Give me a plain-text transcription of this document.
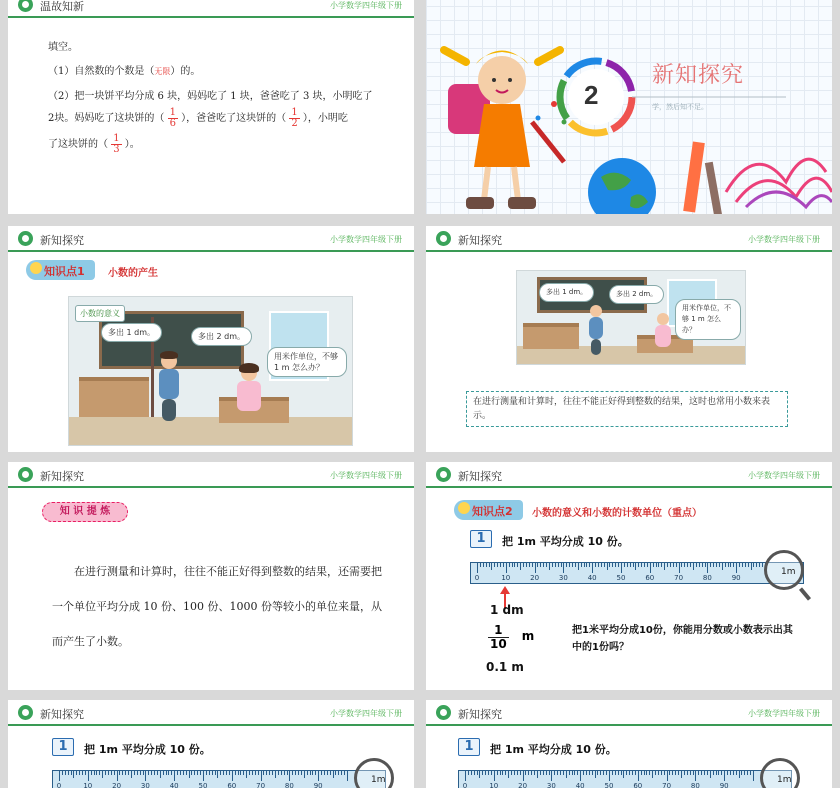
温故知新	小学数学四年级下册
填空。
（1）自然数的个数是（无限）的。
（2）把一块饼平均分成 6 块，妈妈吃了 1 块，爸爸吃了 3 块，小明吃了
2块。妈妈吃了这块饼的（ $\frac{1}{6}$ ），爸爸吃了这块饼的（ $\frac{1}{2}$ ），小明吃
了这块饼的（ $\frac{1}{3}$ ）。
2
新知探究
学，然后知不足。
新知探究	小学数学四年级下册
知识点1	小数的产生
小数的意义
多出 1 dm。	多出 2 dm。
用米作单位，不够 1 m 怎么办？
新知探究	小学数学四年级下册
多出 1 dm。	多出 2 dm。
用米作单位，不够 1 m 怎么办？
在进行测量和计算时，往往不能正好得到整数的结果，这时也常用小数来表示。
新知探究	小学数学四年级下册
知 识 提 炼
在进行测量和计算时，往往不能正好得到整数的结果，还需要把一个单位平均分成 10 份、100 份、1000 份等较小的单位来量，从而产生了小数。
新知探究	小学数学四年级下册
知识点2	小数的意义和小数的计数单位（重点）
1	把 1m 平均分成 10 份。
0	10	20	30	40	50	60	70	80	90
1m
1 dm
$\frac{1}{10} ^m$
0.1 m
把1米平均分成10份，你能用分数或小数表示出其中的1份吗？
新知探究	小学数学四年级下册
1	把 1m 平均分成 10 份。
0	10	20	30	40	50	60	70	80	90
1m
新知探究	小学数学四年级下册
1	把 1m 平均分成 10 份。
0	10	20	30	40	50	60	70	80	90
1m
